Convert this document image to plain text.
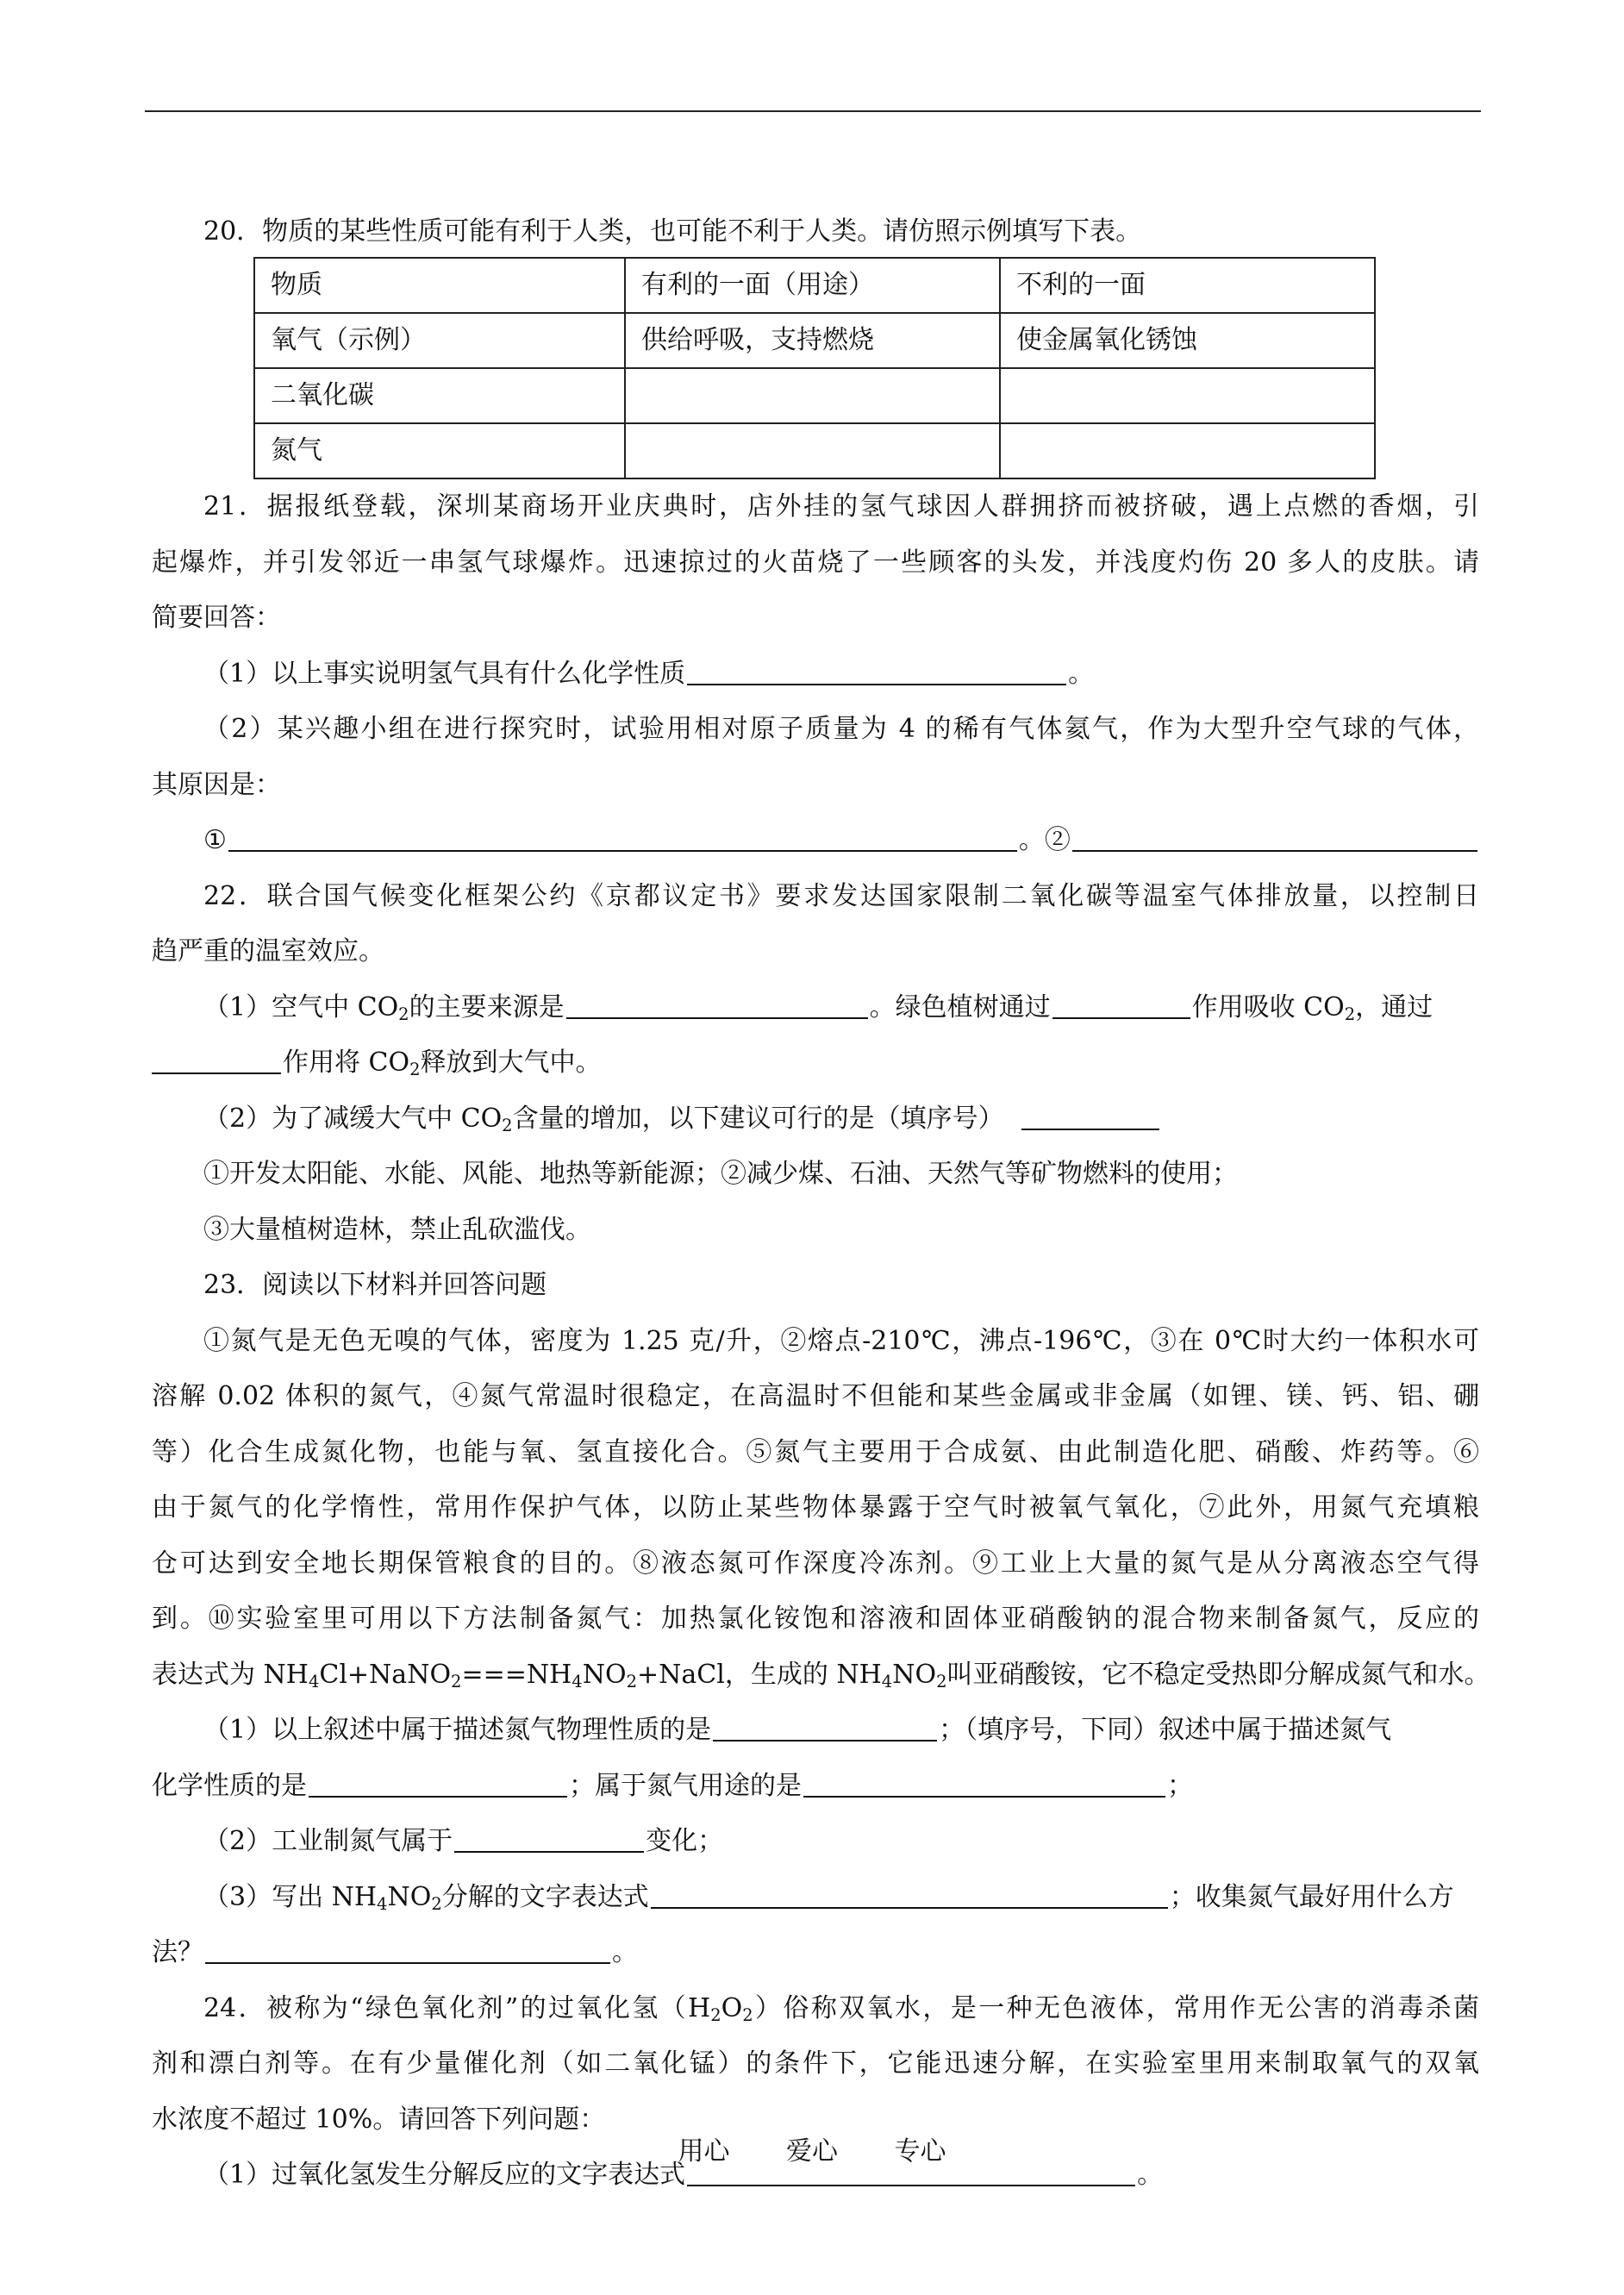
20．物质的某些性质可能有利于人类，也可能不利于人类。请仿照示例填写下表。

物质	有利的一面（用途）	不利的一面
氧气（示例）	供给呼吸，支持燃烧	使金属氧化锈蚀
二氧化碳		
氮气		

21．据报纸登载，深圳某商场开业庆典时，店外挂的氢气球因人群拥挤而被挤破，遇上点燃的香烟，引

起爆炸，并引发邻近一串氢气球爆炸。迅速掠过的火苗烧了一些顾客的头发，并浅度灼伤 20 多人的皮肤。请

简要回答：

（1）以上事实说明氢气具有什么化学性质	。

（2）某兴趣小组在进行探究时，试验用相对原子质量为 4 的稀有气体氦气，作为大型升空气球的气体，

其原因是：

①	。②

22．联合国气候变化框架公约《京都议定书》要求发达国家限制二氧化碳等温室气体排放量，以控制日

趋严重的温室效应。

（1）空气中 $CO_2$的主要来源是	。绿色植树通过	作用吸收 $CO_2$，通过

作用将 $CO_2$释放到大气中。

（2）为了减缓大气中 $CO_2$含量的增加，以下建议可行的是（填序号）

①开发太阳能、水能、风能、地热等新能源；②减少煤、石油、天然气等矿物燃料的使用；

③大量植树造林，禁止乱砍滥伐。

23．阅读以下材料并回答问题

①氮气是无色无嗅的气体，密度为 1.25 克/升，②熔点-210℃，沸点-196℃，③在 0℃时大约一体积水可

溶解 0.02 体积的氮气，④氮气常温时很稳定，在高温时不但能和某些金属或非金属（如锂、镁、钙、铝、硼

等）化合生成氮化物，也能与氧、氢直接化合。⑤氮气主要用于合成氨、由此制造化肥、硝酸、炸药等。⑥

由于氮气的化学惰性，常用作保护气体，以防止某些物体暴露于空气时被氧气氧化，⑦此外，用氮气充填粮

仓可达到安全地长期保管粮食的目的。⑧液态氮可作深度冷冻剂。⑨工业上大量的氮气是从分离液态空气得

到。⑩实验室里可用以下方法制备氮气：加热氯化铵饱和溶液和固体亚硝酸钠的混合物来制备氮气，反应的

表达式为 $NH_4Cl+NaNO_2===NH_4NO_2+NaCl$，生成的 $NH_4NO_2$叫亚硝酸铵，它不稳定受热即分解成氮气和水。

（1）以上叙述中属于描述氮气物理性质的是	；（填序号，下同）叙述中属于描述氮气

化学性质的是	；属于氮气用途的是	；

（2）工业制氮气属于	变化；

（3）写出 $NH_4NO_2$分解的文字表达式	；收集氮气最好用什么方

法？	。

24．被称为“绿色氧化剂”的过氧化氢$(H_2O_2)$俗称双氧水，是一种无色液体，常用作无公害的消毒杀菌

剂和漂白剂等。在有少量催化剂（如二氧化锰）的条件下，它能迅速分解，在实验室里用来制取氧气的双氧

水浓度不超过 10%。请回答下列问题：

（1）过氧化氢发生分解反应的文字表达式	。

用心 爱心 专心
